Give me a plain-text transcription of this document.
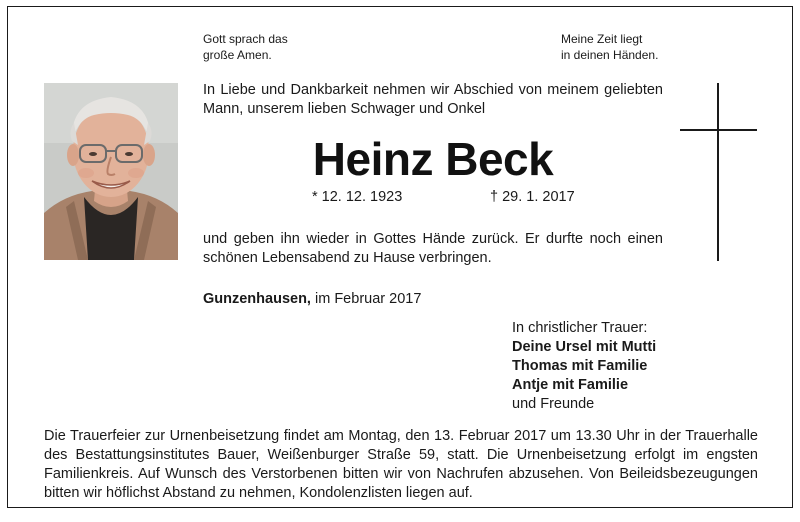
Gott sprach das
große Amen.
Meine Zeit liegt
in deinen Händen.
In Liebe und Dankbarkeit nehmen wir Abschied von meinem geliebten Mann, unserem lieben Schwager und Onkel
Heinz Beck
* 12. 12. 1923	† 29. 1. 2017
und geben ihn wieder in Gottes Hände zurück. Er durfte noch einen schönen Lebensabend zu Hause verbringen.
Gunzenhausen, im Februar 2017
In christlicher Trauer:
Deine Ursel mit Mutti
Thomas mit Familie
Antje mit Familie
und Freunde
Die Trauerfeier zur Urnenbeisetzung findet am Montag, den 13. Februar 2017 um 13.30 Uhr in der Trauerhalle des Bestattungsinstitutes Bauer, Weißenburger Straße 59, statt. Die Urnenbeisetzung erfolgt im engsten Familienkreis. Auf Wunsch des Verstorbenen bitten wir von Nachrufen abzusehen. Von Beileidsbezeugungen bitten wir höflichst Abstand zu nehmen, Kondolenzlisten liegen auf.
